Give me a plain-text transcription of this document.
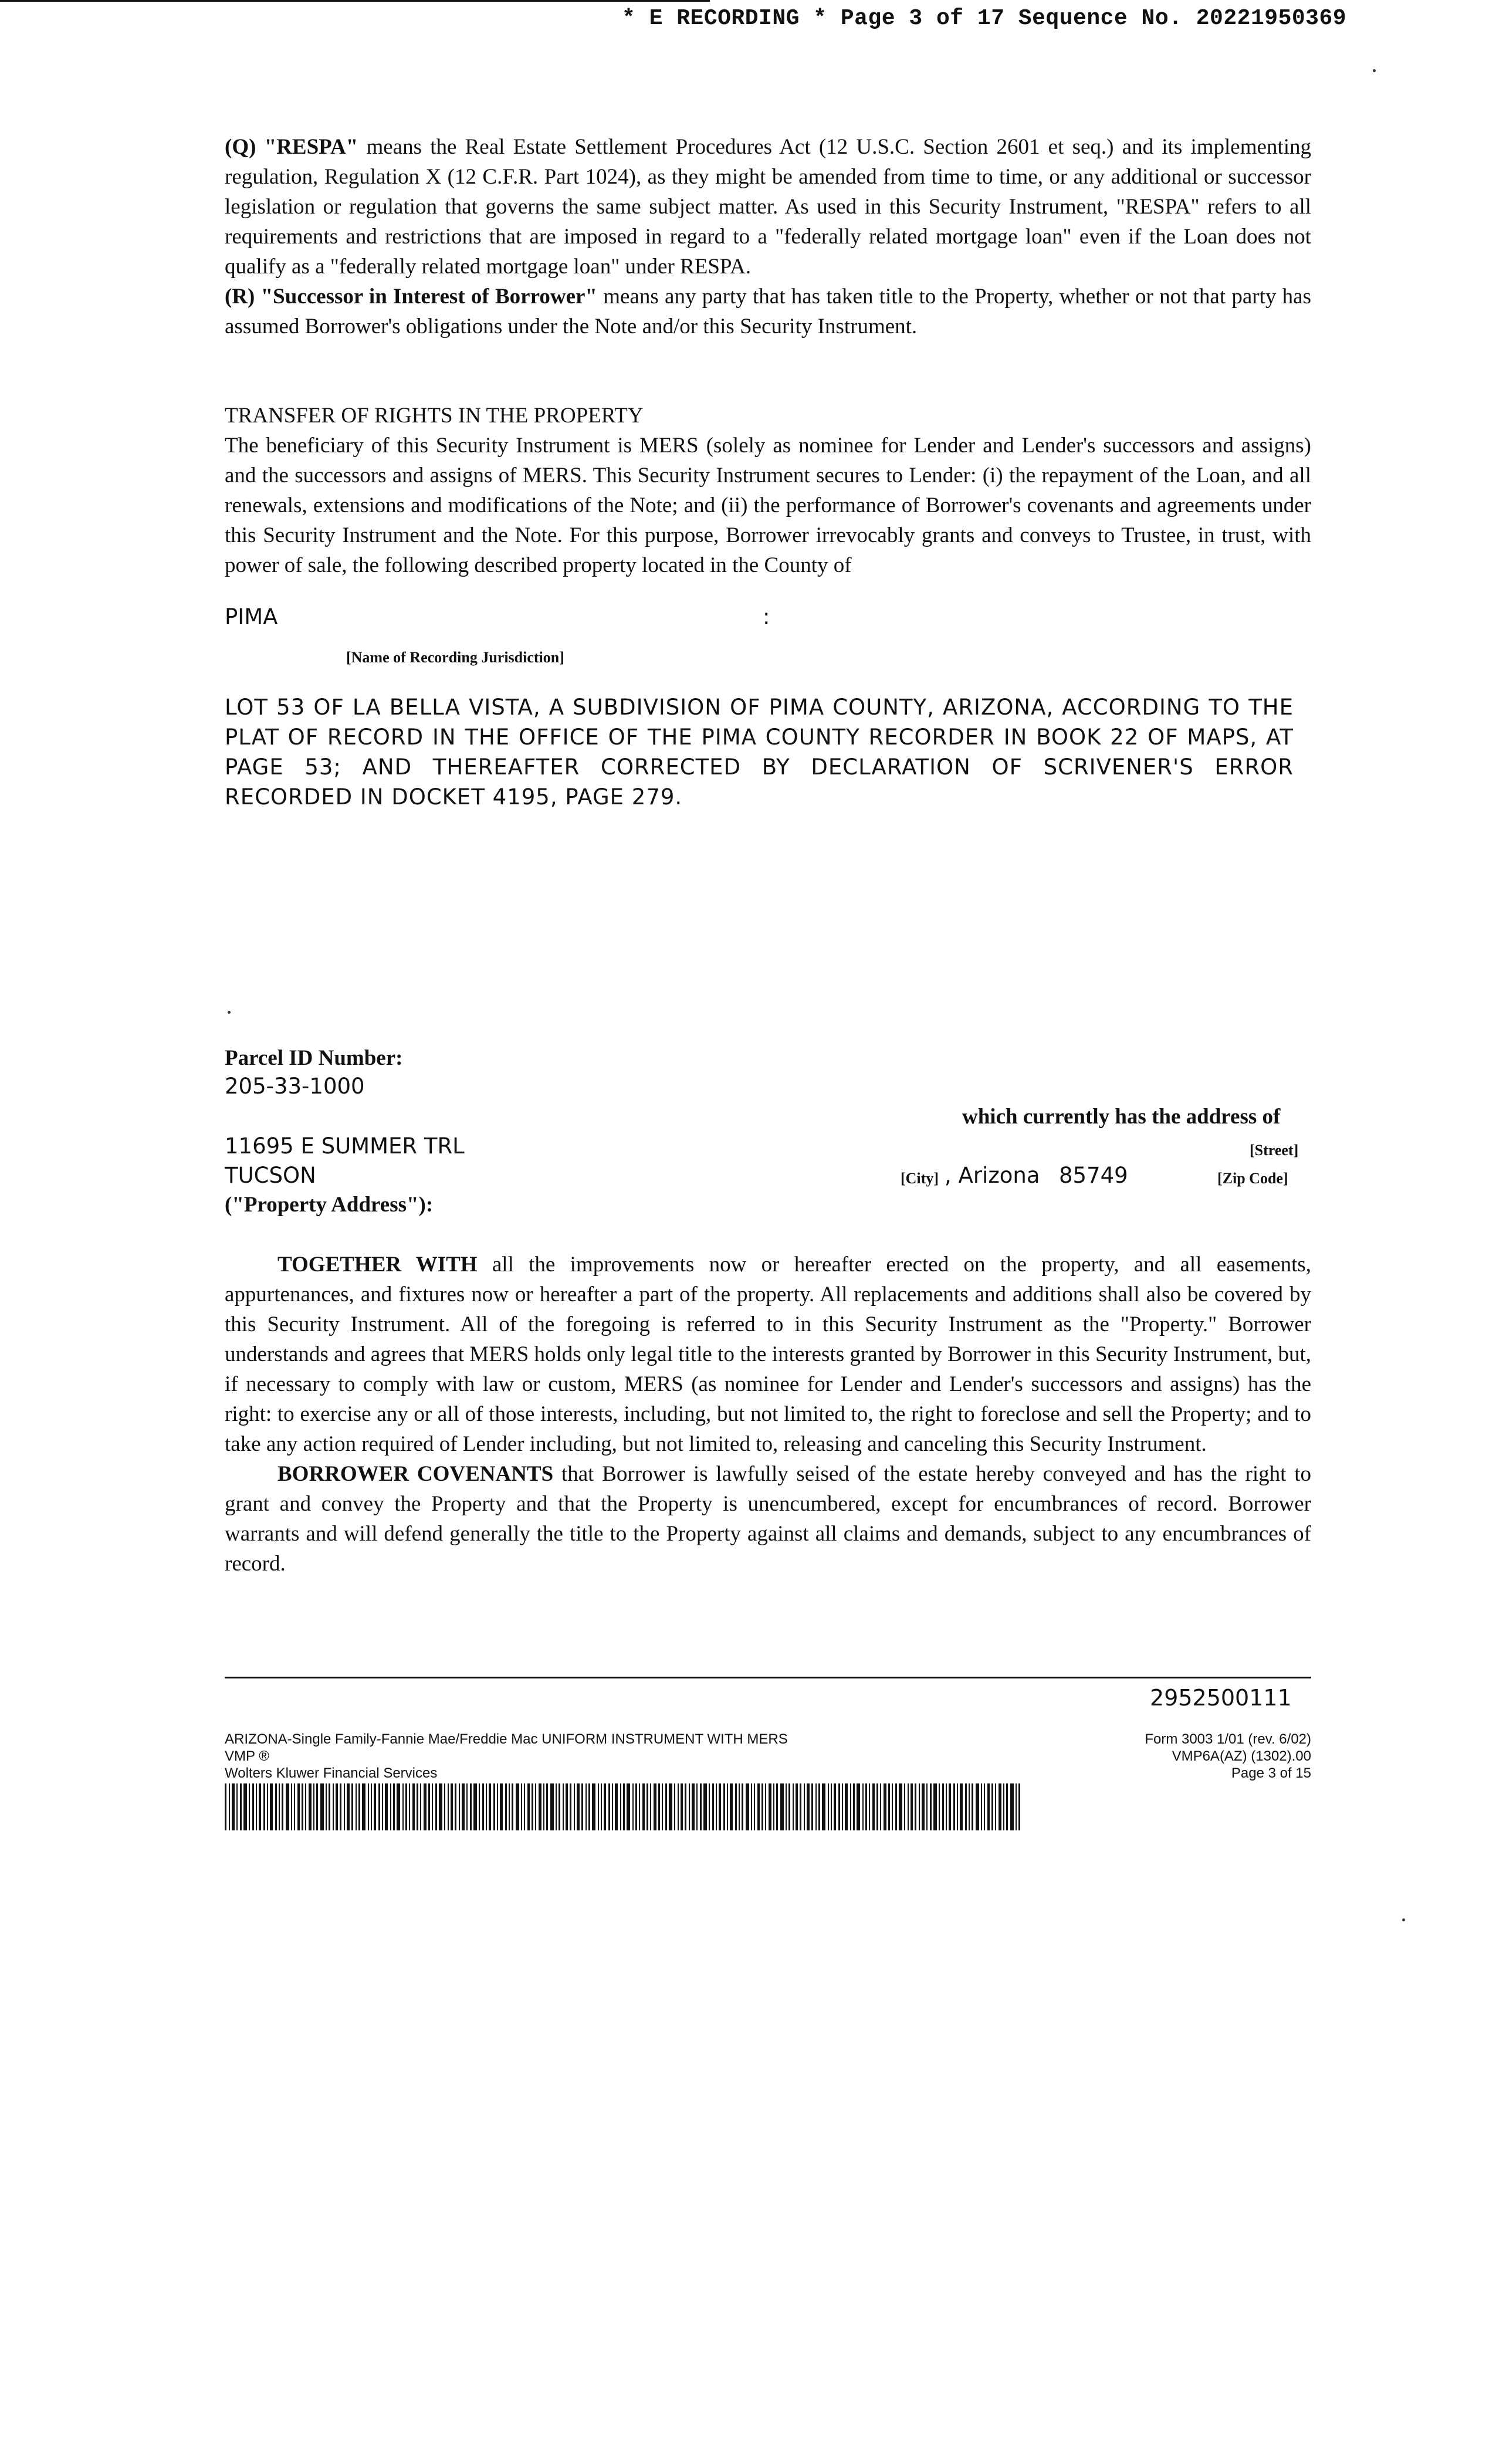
* E RECORDING * Page 3 of 17 Sequence No. 20221950369

(Q) "RESPA" means the Real Estate Settlement Procedures Act (12 U.S.C. Section 2601 et seq.) and its implementing regulation, Regulation X (12 C.F.R. Part 1024), as they might be amended from time to time, or any additional or successor legislation or regulation that governs the same subject matter. As used in this Security Instrument, "RESPA" refers to all requirements and restrictions that are imposed in regard to a "federally related mortgage loan" even if the Loan does not qualify as a "federally related mortgage loan" under RESPA.

(R) "Successor in Interest of Borrower" means any party that has taken title to the Property, whether or not that party has assumed Borrower's obligations under the Note and/or this Security Instrument.

TRANSFER OF RIGHTS IN THE PROPERTY

The beneficiary of this Security Instrument is MERS (solely as nominee for Lender and Lender's successors and assigns) and the successors and assigns of MERS. This Security Instrument secures to Lender: (i) the repayment of the Loan, and all renewals, extensions and modifications of the Note; and (ii) the performance of Borrower's covenants and agreements under this Security Instrument and the Note. For this purpose, Borrower irrevocably grants and conveys to Trustee, in trust, with power of sale, the following described property located in the County of

PIMA	:
[Name of Recording Jurisdiction]

LOT 53 OF LA BELLA VISTA, A SUBDIVISION OF PIMA COUNTY, ARIZONA, ACCORDING TO THE PLAT OF RECORD IN THE OFFICE OF THE PIMA COUNTY RECORDER IN BOOK 22 OF MAPS, AT PAGE 53; AND THEREAFTER CORRECTED BY DECLARATION OF SCRIVENER'S ERROR RECORDED IN DOCKET 4195, PAGE 279.

Parcel ID Number:
205-33-1000
which currently has the address of
11695 E SUMMER TRL	[Street]
TUCSON	[City] , Arizona 85749	[Zip Code]
("Property Address"):

TOGETHER WITH all the improvements now or hereafter erected on the property, and all easements, appurtenances, and fixtures now or hereafter a part of the property. All replacements and additions shall also be covered by this Security Instrument. All of the foregoing is referred to in this Security Instrument as the "Property." Borrower understands and agrees that MERS holds only legal title to the interests granted by Borrower in this Security Instrument, but, if necessary to comply with law or custom, MERS (as nominee for Lender and Lender's successors and assigns) has the right: to exercise any or all of those interests, including, but not limited to, the right to foreclose and sell the Property; and to take any action required of Lender including, but not limited to, releasing and canceling this Security Instrument.

BORROWER COVENANTS that Borrower is lawfully seised of the estate hereby conveyed and has the right to grant and convey the Property and that the Property is unencumbered, except for encumbrances of record. Borrower warrants and will defend generally the title to the Property against all claims and demands, subject to any encumbrances of record.

2952500111
ARIZONA-Single Family-Fannie Mae/Freddie Mac UNIFORM INSTRUMENT WITH MERS
VMP ®
Wolters Kluwer Financial Services
Form 3003 1/01 (rev. 6/02)
VMP6A(AZ) (1302).00
Page 3 of 15
